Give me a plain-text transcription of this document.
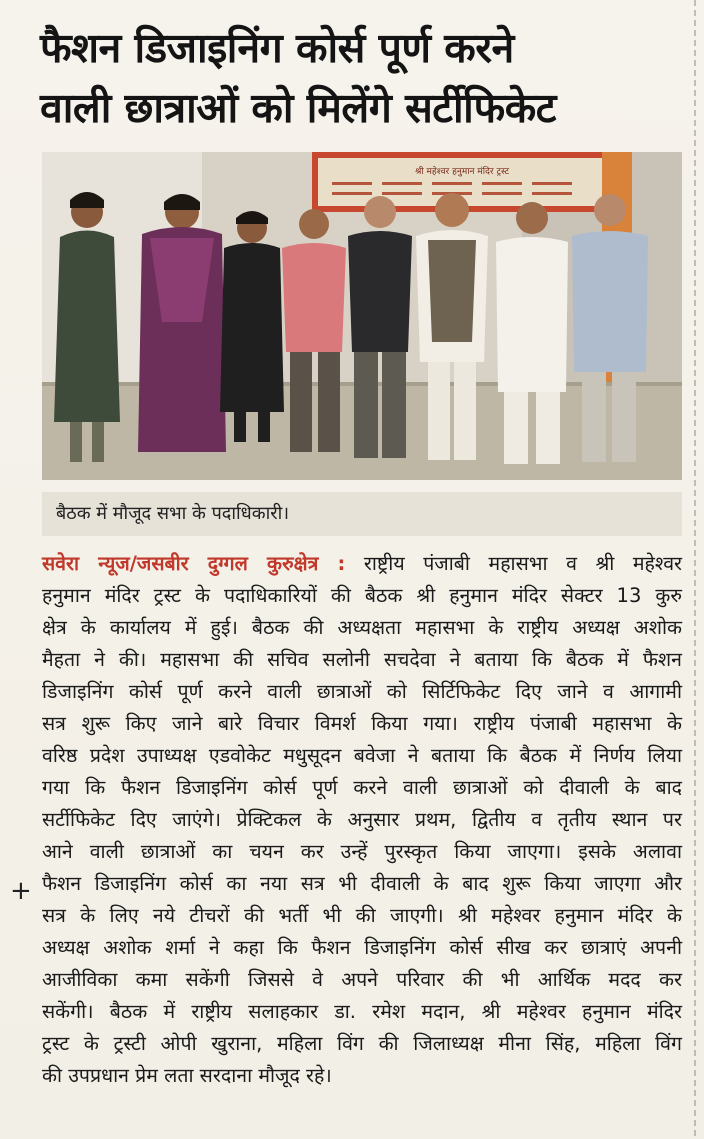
फैशन डिजाइनिंग कोर्स पूर्ण करने
वाली छात्राओं को मिलेंगे सर्टीफिकेट
श्री महेश्वर हनुमान मंदिर ट्रस्ट
बैठक में मौजूद सभा के पदाधिकारी।
सवेरा न्यूज/जसबीर दुग्गल कुरुक्षेत्र : राष्ट्रीय पंजाबी महासभा व श्री महेश्वर
हनुमान मंदिर ट्रस्ट के पदाधिकारियों की बैठक श्री हनुमान मंदिर सेक्टर 13 कुरु
क्षेत्र के कार्यालय में हुई। बैठक की अध्यक्षता महासभा के राष्ट्रीय अध्यक्ष अशोक
मैहता ने की। महासभा की सचिव सलोनी सचदेवा ने बताया कि बैठक में फैशन
डिजाइनिंग कोर्स पूर्ण करने वाली छात्राओं को सिर्टिफिकेट दिए जाने व आगामी
सत्र शुरू किए जाने बारे विचार विमर्श किया गया। राष्ट्रीय पंजाबी महासभा के
वरिष्ठ प्रदेश उपाध्यक्ष एडवोकेट मधुसूदन बवेजा ने बताया कि बैठक में निर्णय लिया
गया कि फैशन डिजाइनिंग कोर्स पूर्ण करने वाली छात्राओं को दीवाली के बाद
सर्टीफिकेट दिए जाएंगे। प्रेक्टिकल के अनुसार प्रथम, द्वितीय व तृतीय स्थान पर
आने वाली छात्राओं का चयन कर उन्हें पुरस्कृत किया जाएगा। इसके अलावा
फैशन डिजाइनिंग कोर्स का नया सत्र भी दीवाली के बाद शुरू किया जाएगा और
सत्र के लिए नये टीचरों की भर्ती भी की जाएगी। श्री महेश्वर हनुमान मंदिर के
अध्यक्ष अशोक शर्मा ने कहा कि फैशन डिजाइनिंग कोर्स सीख कर छात्राएं अपनी
आजीविका कमा सकेंगी जिससे वे अपने परिवार की भी आर्थिक मदद कर
सकेंगी। बैठक में राष्ट्रीय सलाहकार डा. रमेश मदान, श्री महेश्वर हनुमान मंदिर
ट्रस्ट के ट्रस्टी ओपी खुराना, महिला विंग की जिलाध्यक्ष मीना सिंह, महिला विंग
की उपप्रधान प्रेम लता सरदाना मौजूद रहे।
+
